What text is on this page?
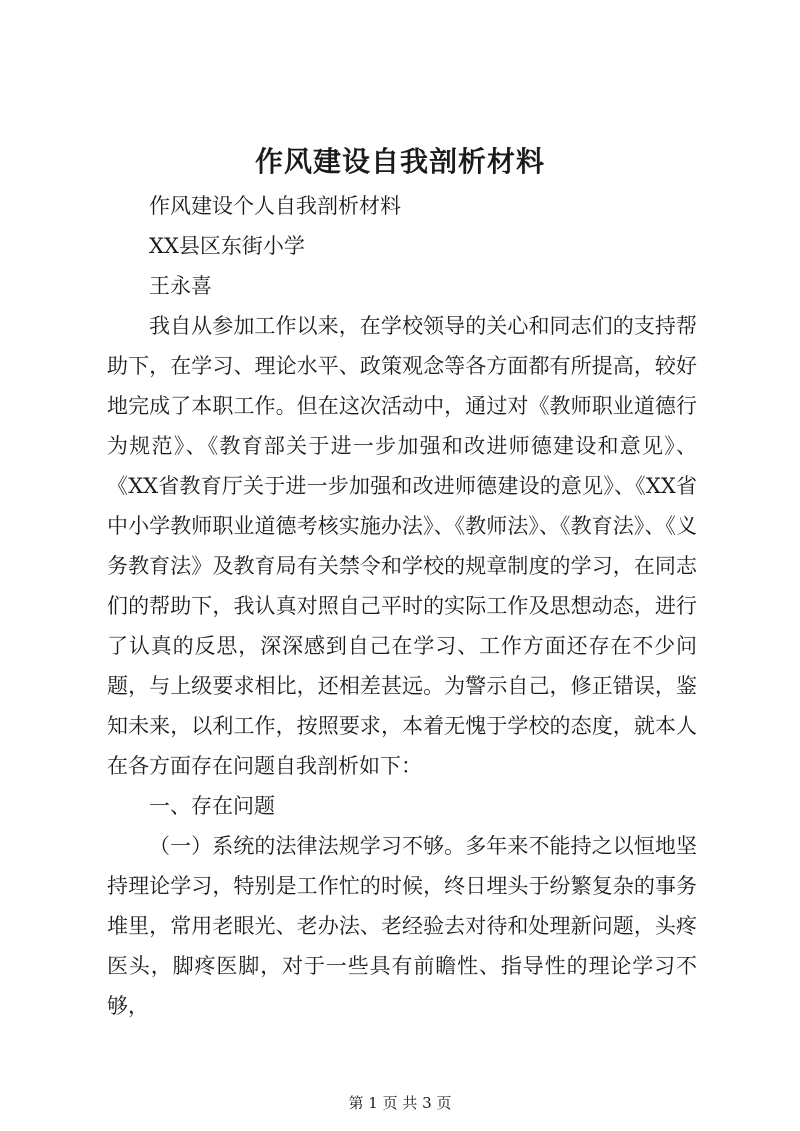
作风建设自我剖析材料

作风建设个人自我剖析材料

XX县区东街小学

王永喜

我自从参加工作以来，在学校领导的关心和同志们的支持帮助下，在学习、理论水平、政策观念等各方面都有所提高，较好地完成了本职工作。但在这次活动中，通过对《教师职业道德行为规范》、《教育部关于进一步加强和改进师德建设和意见》、《XX省教育厅关于进一步加强和改进师德建设的意见》、《XX省中小学教师职业道德考核实施办法》、《教师法》、《教育法》、《义务教育法》及教育局有关禁令和学校的规章制度的学习，在同志们的帮助下，我认真对照自己平时的实际工作及思想动态，进行了认真的反思，深深感到自己在学习、工作方面还存在不少问题，与上级要求相比，还相差甚远。为警示自己，修正错误，鉴知未来，以利工作，按照要求，本着无愧于学校的态度，就本人在各方面存在问题自我剖析如下：

一、存在问题

（一）系统的法律法规学习不够。多年来不能持之以恒地坚持理论学习，特别是工作忙的时候，终日埋头于纷繁复杂的事务堆里，常用老眼光、老办法、老经验去对待和处理新问题，头疼医头，脚疼医脚，对于一些具有前瞻性、指导性的理论学习不够，

第 1 页 共 3 页
